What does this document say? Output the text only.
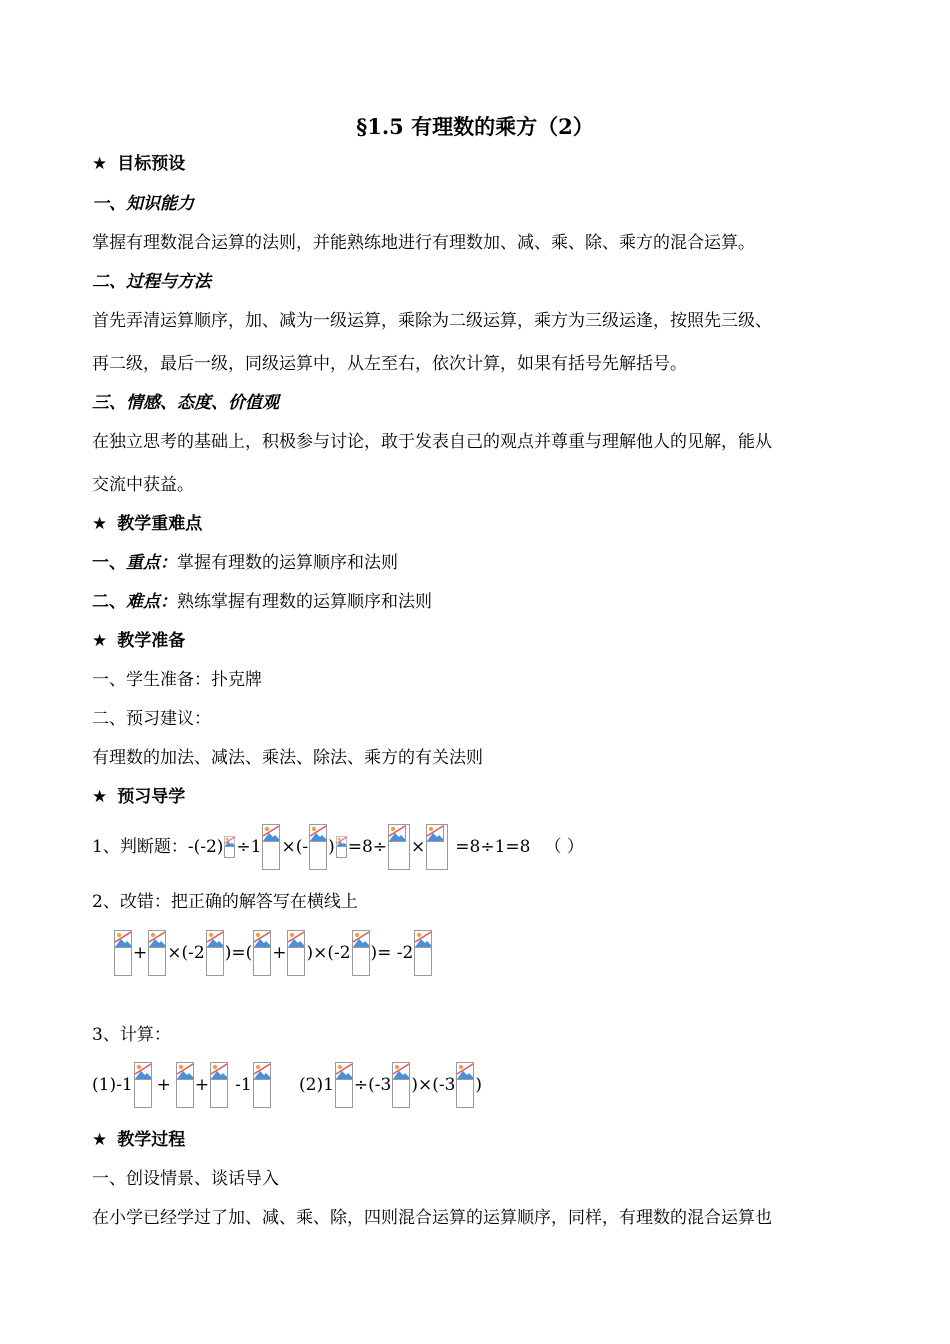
§1.5 有理数的乘方（2）
★ 目标预设
一、知识能力
掌握有理数混合运算的法则，并能熟练地进行有理数加、减、乘、除、乘方的混合运算。
二、过程与方法
首先弄清运算顺序，加、减为一级运算，乘除为二级运算，乘方为三级运逢，按照先三级、
再二级，最后一级，同级运算中，从左至右，依次计算，如果有括号先解括号。
三、情感、态度、价值观
在独立思考的基础上，积极参与讨论，敢于发表自己的观点并尊重与理解他人的见解，能从
交流中获益。
★ 教学重难点
一、重点：掌握有理数的运算顺序和法则
二、难点：熟练掌握有理数的运算顺序和法则
★ 教学准备
一、学生准备：扑克牌
二、预习建议：
有理数的加法、减法、乘法、除法、乘方的有关法则
★ 预习导学
1、判断题：-(-2) ÷1 ×(- ) =8÷ × =8÷1=8 （ ）
2、改错：把正确的解答写在横线上
+ ×(-2 )=( + )×(-2 )= -2
3、计算：
(1)-1 + + -1	(2)1 ÷(-3 )×(-3 )
★ 教学过程
一、创设情景、谈话导入
在小学已经学过了加、减、乘、除，四则混合运算的运算顺序，同样，有理数的混合运算也
